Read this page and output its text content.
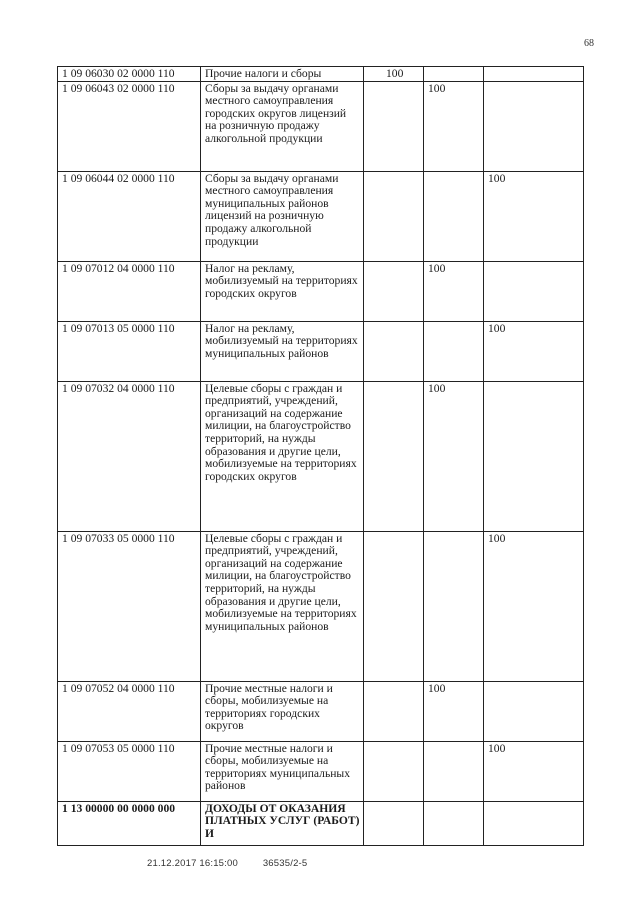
68
1 09 06030 02 0000 110	Прочие налоги и сборы	100		
1 09 06043 02 0000 110	Сборы за выдачу органами местного самоуправления городских округов лицензий на розничную продажу алкогольной продукции		100	
1 09 06044 02 0000 110	Сборы за выдачу органами местного самоуправления муниципальных районов лицензий на розничную продажу алкогольной продукции			100
1 09 07012 04 0000 110	Налог на рекламу, мобилизуемый на территориях городских округов		100	
1 09 07013 05 0000 110	Налог на рекламу, мобилизуемый на территориях муниципальных районов			100
1 09 07032 04 0000 110	Целевые сборы с граждан и предприятий, учреждений, организаций на содержание милиции, на благоустройство территорий, на нужды образования и другие цели, мобилизуемые на территориях городских округов		100	
1 09 07033 05 0000 110	Целевые сборы с граждан и предприятий, учреждений, организаций на содержание милиции, на благоустройство территорий, на нужды образования и другие цели, мобилизуемые на территориях муниципальных районов			100
1 09 07052 04 0000 110	Прочие местные налоги и сборы, мобилизуемые на территориях городских округов		100	
1 09 07053 05 0000 110	Прочие местные налоги и сборы, мобилизуемые на территориях муниципальных районов			100
1 13 00000 00 0000 000	ДОХОДЫ ОТ ОКАЗАНИЯ ПЛАТНЫХ УСЛУГ (РАБОТ) И			
21.12.2017 16:15:00	36535/2-5
